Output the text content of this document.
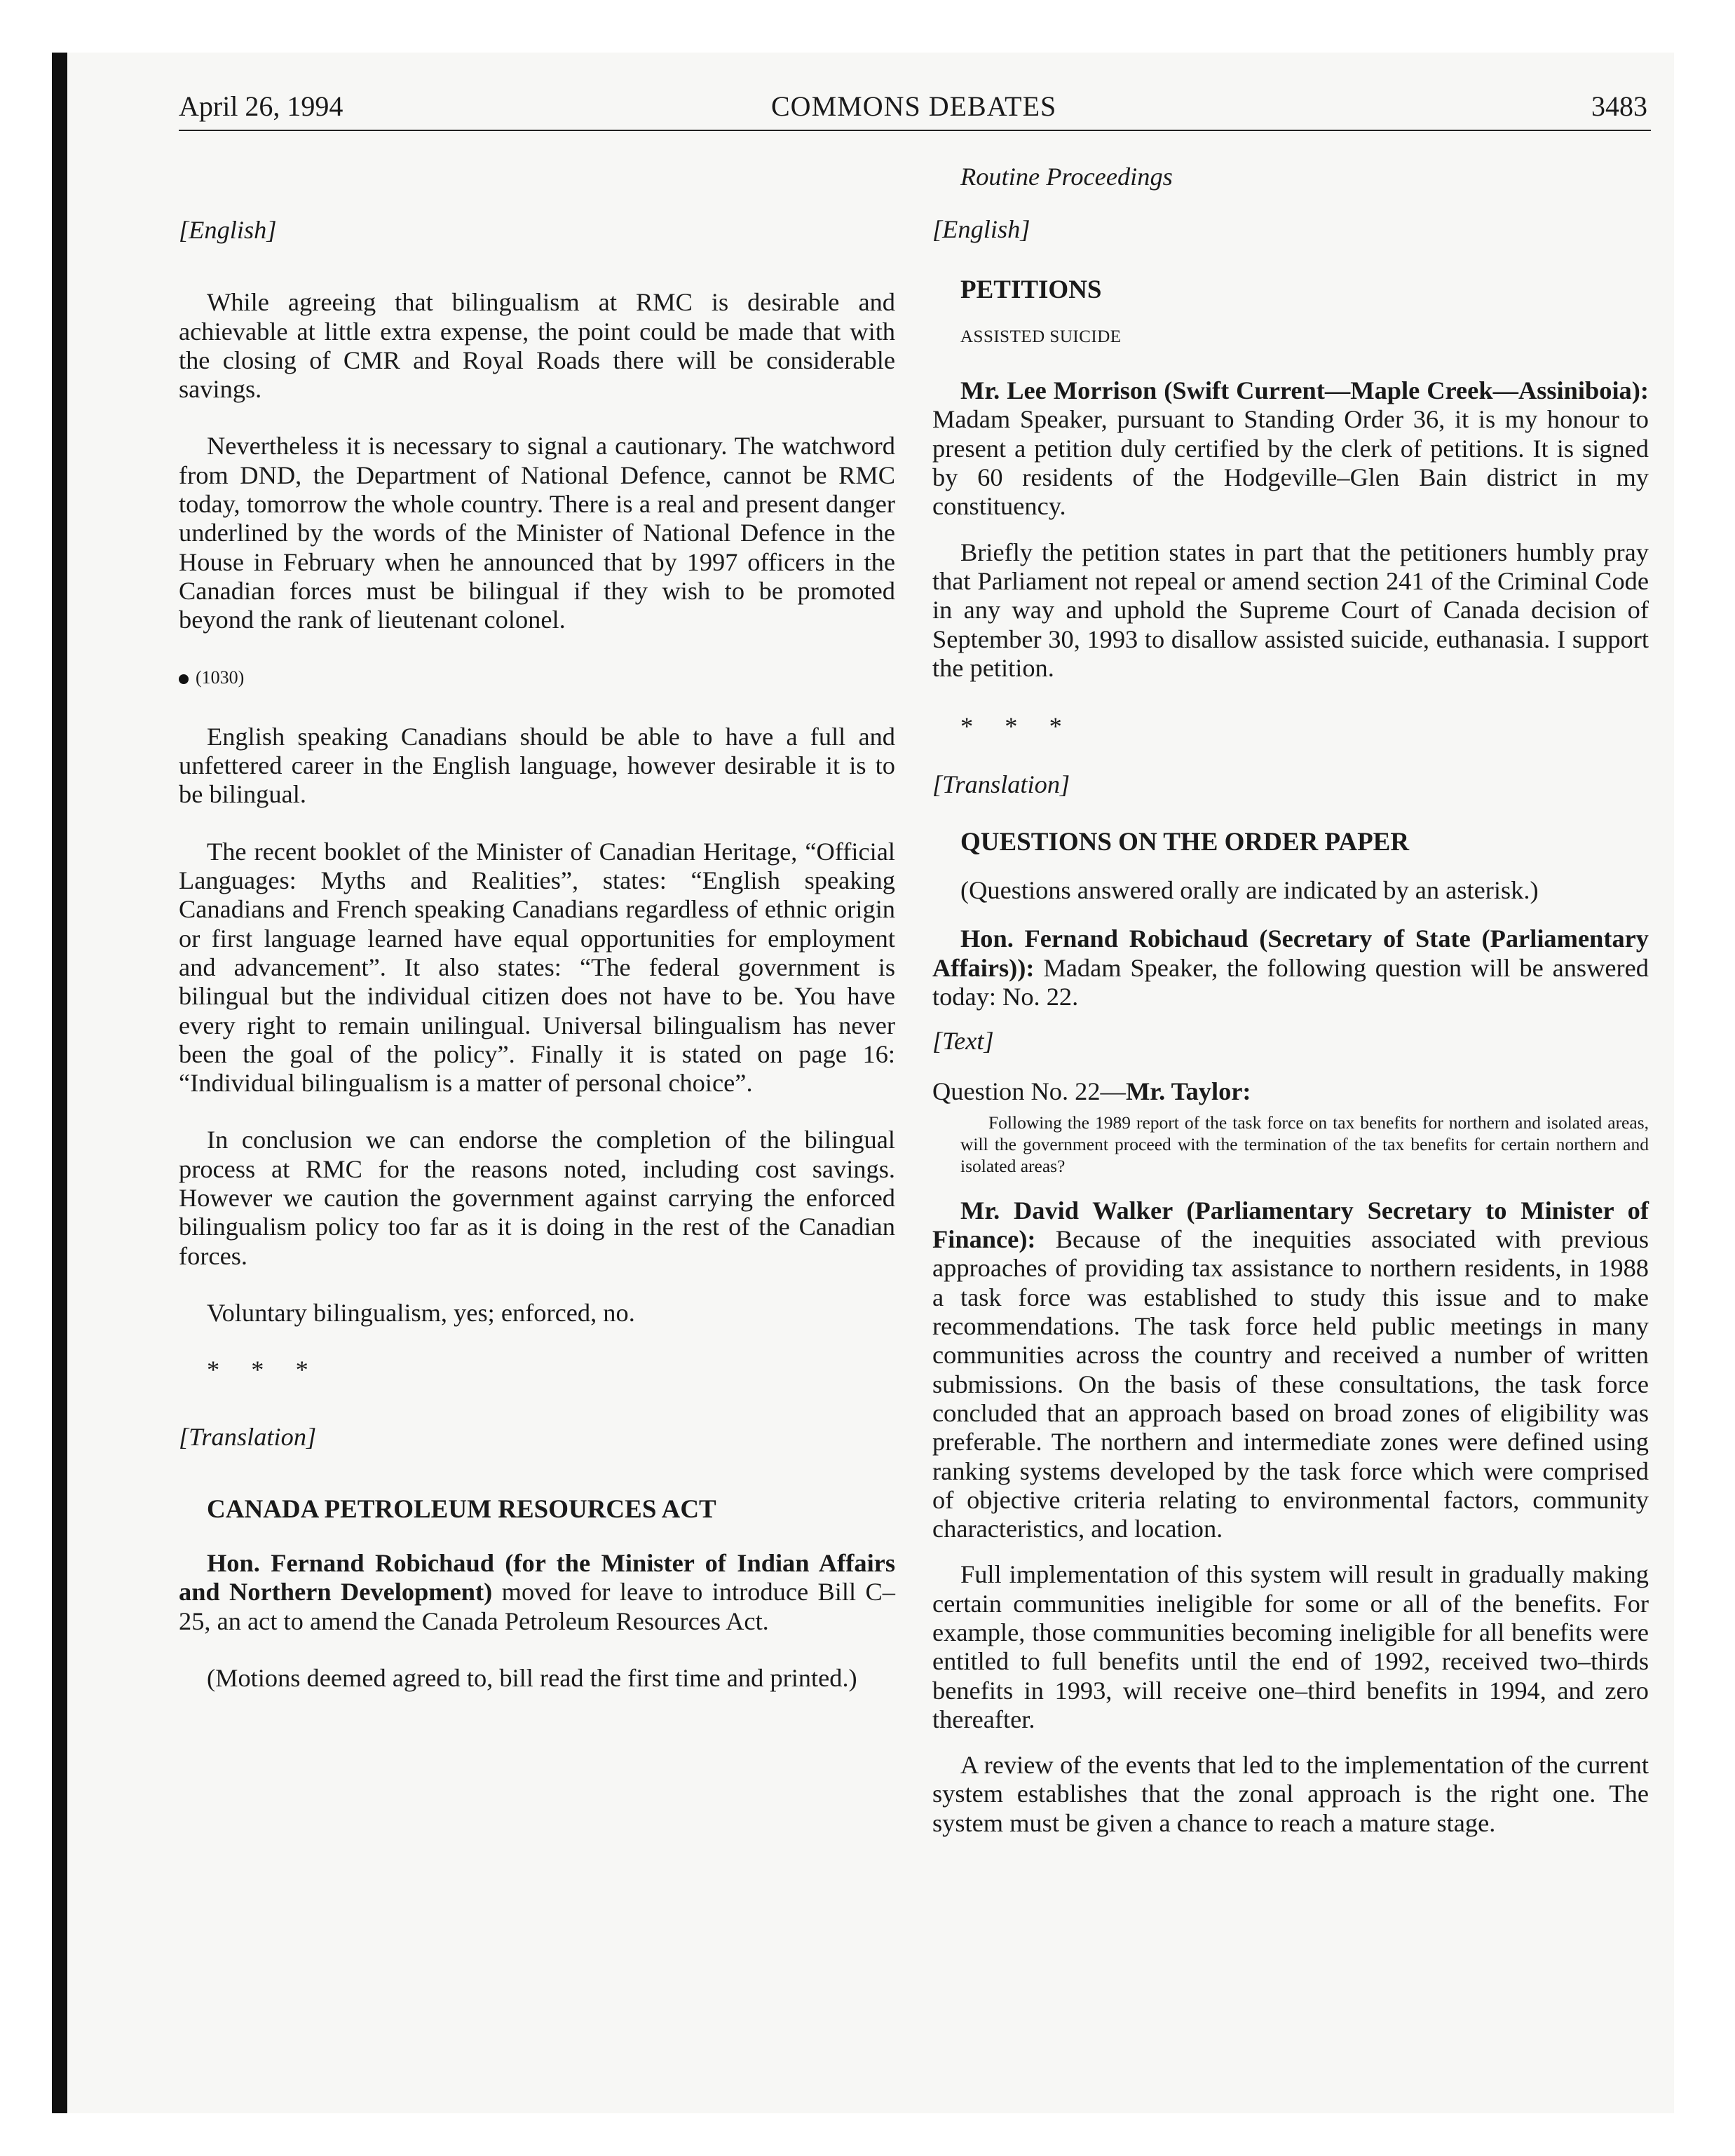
April 26, 1994	COMMONS DEBATES	3483

[English]

While agreeing that bilingualism at RMC is desirable and achievable at little extra expense, the point could be made that with the closing of CMR and Royal Roads there will be considerable savings.

Nevertheless it is necessary to signal a cautionary. The watchword from DND, the Department of National Defence, cannot be RMC today, tomorrow the whole country. There is a real and present danger underlined by the words of the Minister of National Defence in the House in February when he announced that by 1997 officers in the Canadian forces must be bilingual if they wish to be promoted beyond the rank of lieutenant colonel.

(1030)

English speaking Canadians should be able to have a full and unfettered career in the English language, however desirable it is to be bilingual.

The recent booklet of the Minister of Canadian Heritage, “Official Languages: Myths and Realities”, states: “English speaking Canadians and French speaking Canadians regardless of ethnic origin or first language learned have equal opportunities for employment and advancement”. It also states: “The federal government is bilingual but the individual citizen does not have to be. You have every right to remain unilingual. Universal bilingualism has never been the goal of the policy”. Finally it is stated on page 16: “Individual bilingualism is a matter of personal choice”.

In conclusion we can endorse the completion of the bilingual process at RMC for the reasons noted, including cost savings. However we caution the government against carrying the enforced bilingualism policy too far as it is doing in the rest of the Canadian forces.

Voluntary bilingualism, yes; enforced, no.

* * *

[Translation]

CANADA PETROLEUM RESOURCES ACT

Hon. Fernand Robichaud (for the Minister of Indian Affairs and Northern Development) moved for leave to introduce Bill C–25, an act to amend the Canada Petroleum Resources Act.

(Motions deemed agreed to, bill read the first time and printed.)

Routine Proceedings

[English]

PETITIONS

ASSISTED SUICIDE

Mr. Lee Morrison (Swift Current—Maple Creek—Assiniboia): Madam Speaker, pursuant to Standing Order 36, it is my honour to present a petition duly certified by the clerk of petitions. It is signed by 60 residents of the Hodgeville–Glen Bain district in my constituency.

Briefly the petition states in part that the petitioners humbly pray that Parliament not repeal or amend section 241 of the Criminal Code in any way and uphold the Supreme Court of Canada decision of September 30, 1993 to disallow assisted suicide, euthanasia. I support the petition.

* * *

[Translation]

QUESTIONS ON THE ORDER PAPER

(Questions answered orally are indicated by an asterisk.)

Hon. Fernand Robichaud (Secretary of State (Parliamentary Affairs)): Madam Speaker, the following question will be answered today: No. 22.

[Text]

Question No. 22—Mr. Taylor:

Following the 1989 report of the task force on tax benefits for northern and isolated areas, will the government proceed with the termination of the tax benefits for certain northern and isolated areas?

Mr. David Walker (Parliamentary Secretary to Minister of Finance): Because of the inequities associated with previous approaches of providing tax assistance to northern residents, in 1988 a task force was established to study this issue and to make recommendations. The task force held public meetings in many communities across the country and received a number of written submissions. On the basis of these consultations, the task force concluded that an approach based on broad zones of eligibility was preferable. The northern and intermediate zones were defined using ranking systems developed by the task force which were comprised of objective criteria relating to environmental factors, community characteristics, and location.

Full implementation of this system will result in gradually making certain communities ineligible for some or all of the benefits. For example, those communities becoming ineligible for all benefits were entitled to full benefits until the end of 1992, received two–thirds benefits in 1993, will receive one–third benefits in 1994, and zero thereafter.

A review of the events that led to the implementation of the current system establishes that the zonal approach is the right one. The system must be given a chance to reach a mature stage.
